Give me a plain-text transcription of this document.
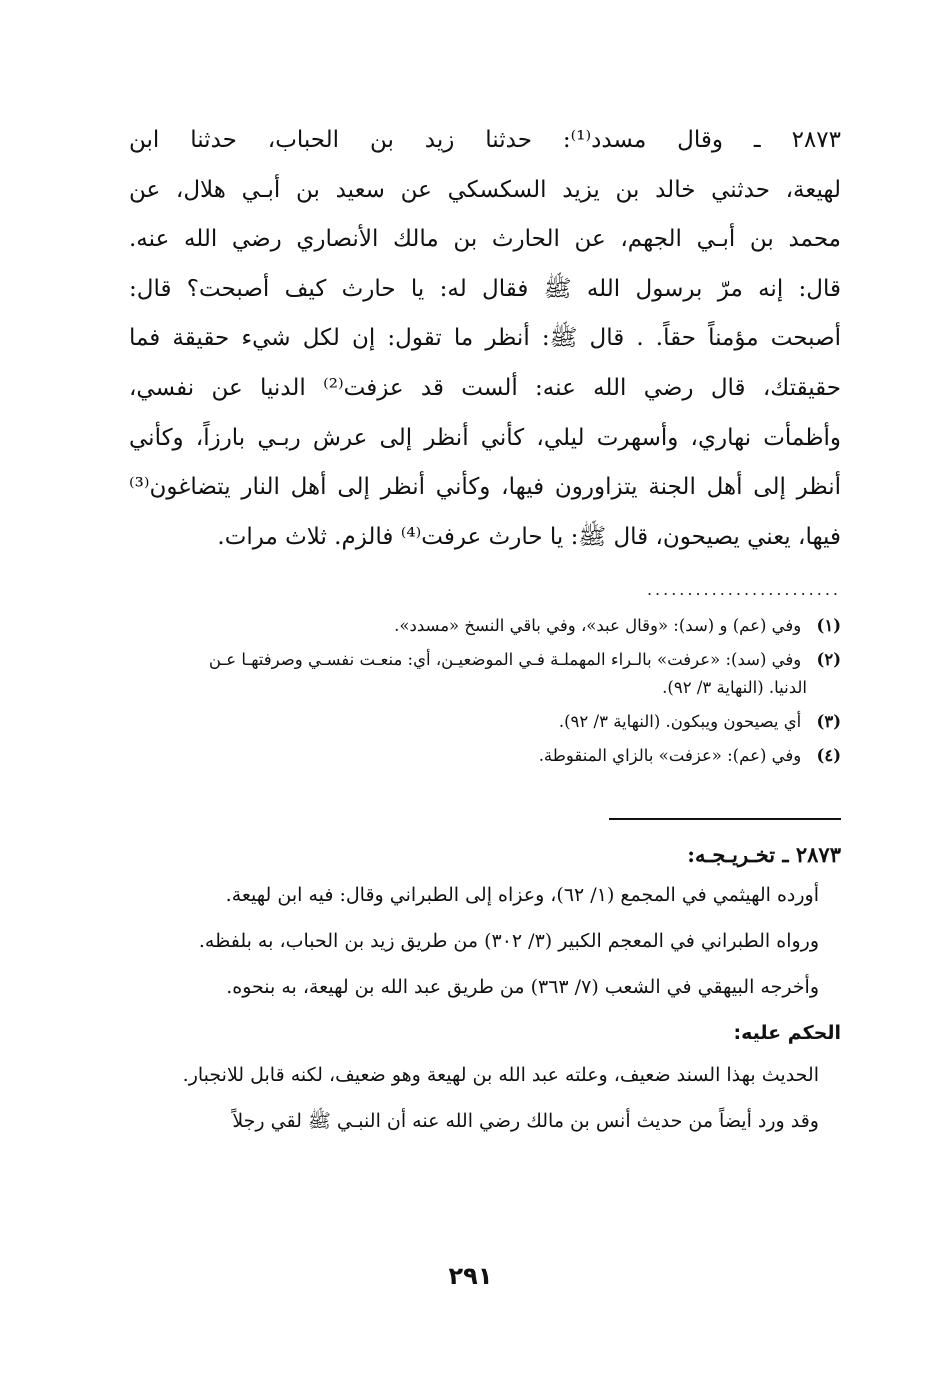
٢٨٧٣ ـ وقال مسدد⁽¹⁾: حدثنا زيد بن الحباب، حدثنا ابن
لهيعة، حدثني خالد بن يزيد السكسكي عن سعيد بن أبـي هلال، عن
محمد بن أبـي الجهم، عن الحارث بن مالك الأنصاري رضي الله عنه.
قال: إنه مرّ برسول الله ﷺ فقال له: يا حارث كيف أصبحت؟ قال:
أصبحت مؤمناً حقاً. . قال ﷺ: أنظر ما تقول: إن لكل شيء حقيقة فما
حقيقتك، قال رضي الله عنه: ألست قد عزفت⁽²⁾ الدنيا عن نفسي،
وأظمأت نهاري، وأسهرت ليلي، كأني أنظر إلى عرش ربـي بارزاً، وكأني
أنظر إلى أهل الجنة يتزاورون فيها، وكأني أنظر إلى أهل النار يتضاغون⁽³⁾
فيها، يعني يصيحون، قال ﷺ: يا حارث عرفت⁽⁴⁾ فالزم. ثلاث مرات.
........................
(١) وفي (عم) و (سد): «وقال عبد»، وفي باقي النسخ «مسدد».
(٢) وفي (سد): «عرفت» بالـراء المهملـة فـي الموضعيـن، أي: منعـت نفسـي وصرفتهـا عـن
الدنيا. (النهاية ٣/ ٩٢).
(٣) أي يصيحون ويبكون. (النهاية ٣/ ٩٢).
(٤) وفي (عم): «عزفت» بالزاي المنقوطة.
٢٨٧٣ ـ تخـريـجـه:
أورده الهيثمي في المجمع (١/ ٦٢)، وعزاه إلى الطبراني وقال: فيه ابن لهيعة.
ورواه الطبراني في المعجم الكبير (٣/ ٣٠٢) من طريق زيد بن الحباب، به بلفظه.
وأخرجه البيهقي في الشعب (٧/ ٣٦٣) من طريق عبد الله بن لهيعة، به بنحوه.
الحكم عليه:
الحديث بهذا السند ضعيف، وعلته عبد الله بن لهيعة وهو ضعيف، لكنه قابل للانجبار.
وقد ورد أيضاً من حديث أنس بن مالك رضي الله عنه أن النبـي ﷺ لقي رجلاً
٢٩١
